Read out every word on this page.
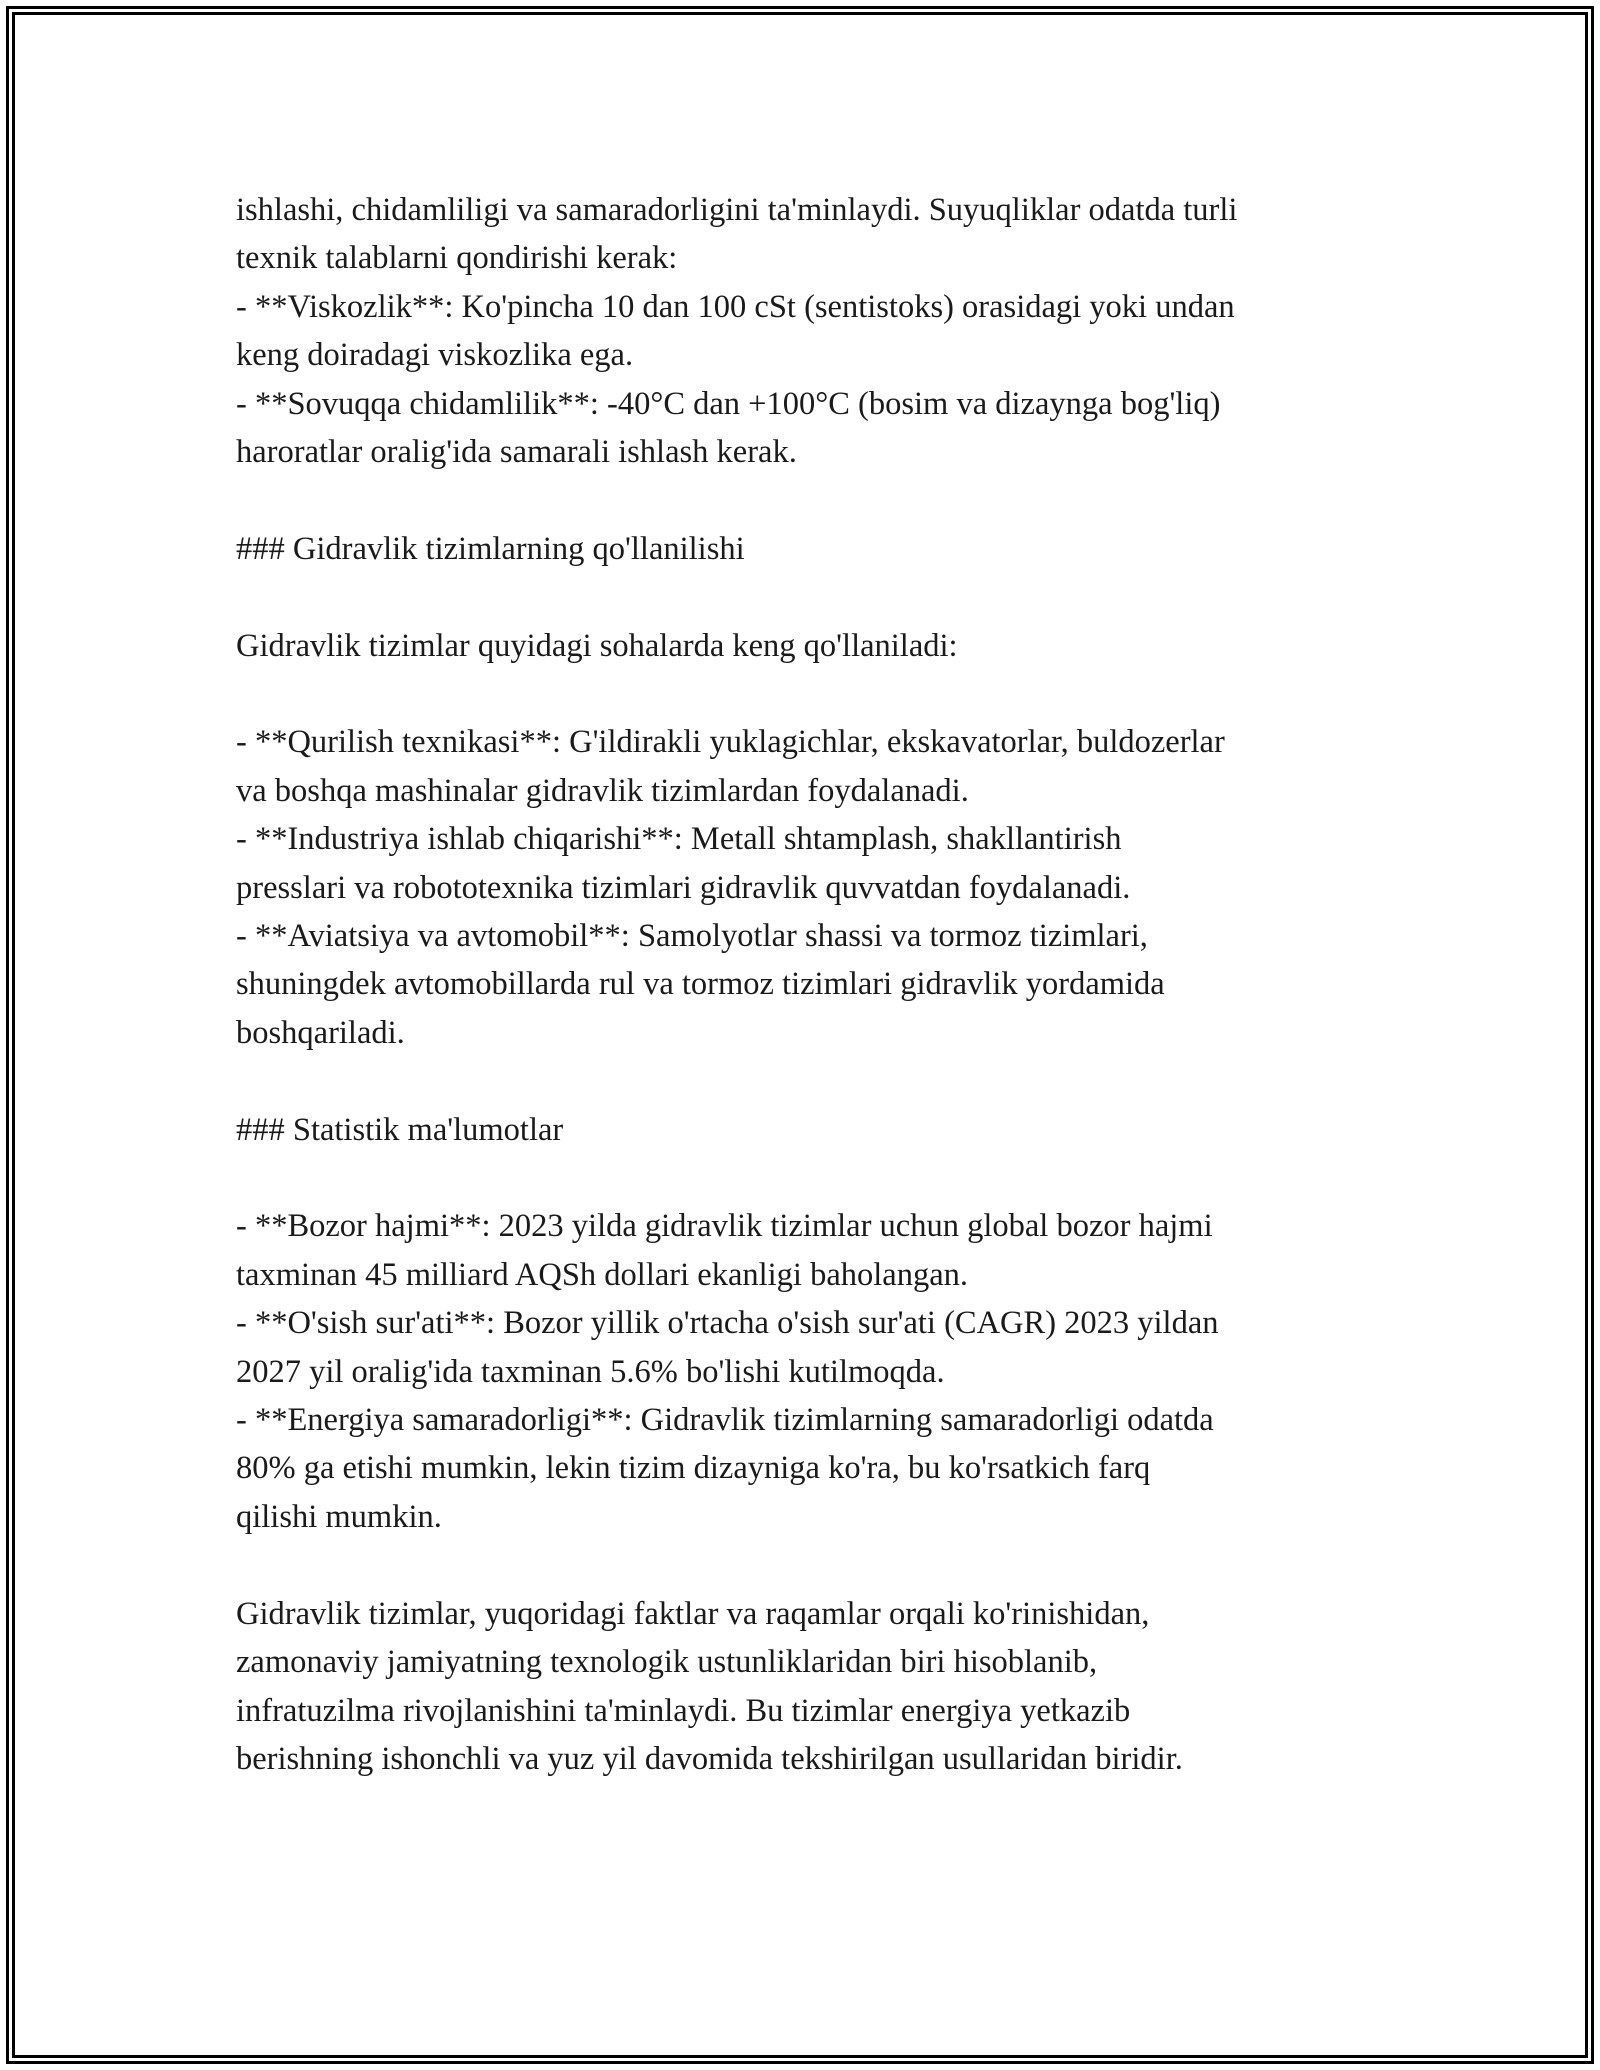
ishlashi, chidamliligi va samaradorligini ta'minlaydi. Suyuqliklar odatda turli
texnik talablarni qondirishi kerak:
- **Viskozlik**: Ko'pincha 10 dan 100 cSt (sentistoks) orasidagi yoki undan
keng doiradagi viskozlika ega.
- **Sovuqqa chidamlilik**: -40°C dan +100°C (bosim va dizaynga bog'liq)
haroratlar oralig'ida samarali ishlash kerak.
### Gidravlik tizimlarning qo'llanilishi
Gidravlik tizimlar quyidagi sohalarda keng qo'llaniladi:
- **Qurilish texnikasi**: G'ildirakli yuklagichlar, ekskavatorlar, buldozerlar
va boshqa mashinalar gidravlik tizimlardan foydalanadi.
- **Industriya ishlab chiqarishi**: Metall shtamplash, shakllantirish
presslari va robototexnika tizimlari gidravlik quvvatdan foydalanadi.
- **Aviatsiya va avtomobil**: Samolyotlar shassi va tormoz tizimlari,
shuningdek avtomobillarda rul va tormoz tizimlari gidravlik yordamida
boshqariladi.
### Statistik ma'lumotlar
- **Bozor hajmi**: 2023 yilda gidravlik tizimlar uchun global bozor hajmi
taxminan 45 milliard AQSh dollari ekanligi baholangan.
- **O'sish sur'ati**: Bozor yillik o'rtacha o'sish sur'ati (CAGR) 2023 yildan
2027 yil oralig'ida taxminan 5.6% bo'lishi kutilmoqda.
- **Energiya samaradorligi**: Gidravlik tizimlarning samaradorligi odatda
80% ga etishi mumkin, lekin tizim dizayniga ko'ra, bu ko'rsatkich farq
qilishi mumkin.
Gidravlik tizimlar, yuqoridagi faktlar va raqamlar orqali ko'rinishidan,
zamonaviy jamiyatning texnologik ustunliklaridan biri hisoblanib,
infratuzilma rivojlanishini ta'minlaydi. Bu tizimlar energiya yetkazib
berishning ishonchli va yuz yil davomida tekshirilgan usullaridan biridir.
